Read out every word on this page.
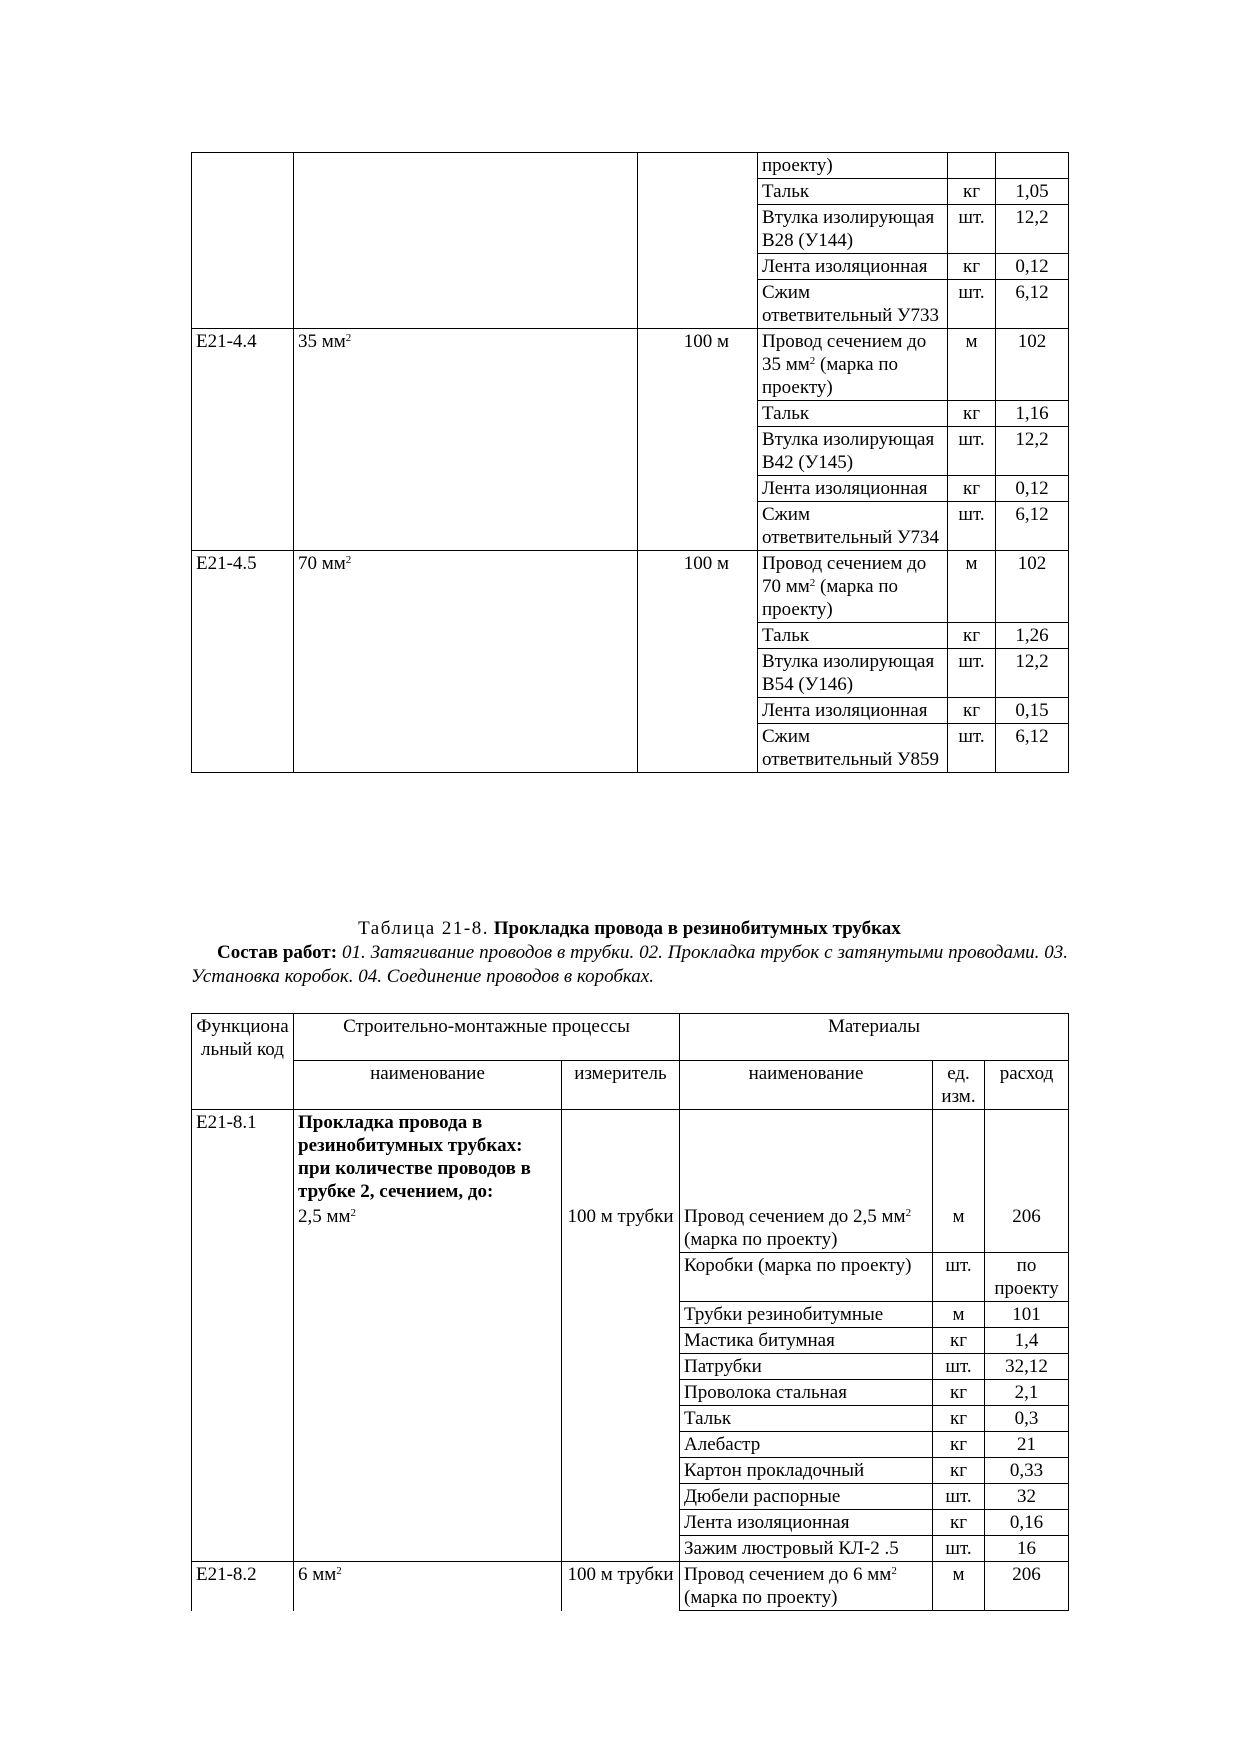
			проекту)		
			Тальк	кг	1,05
			Втулка изолирующая В28 (У144)	шт.	12,2
			Лента изоляционная	кг	0,12
			Сжим ответвительный У733	шт.	6,12
Е21-4.4	35 $мм^2$	100 м	Провод сечением до 35 $мм^2$ (марка по проекту)	м	102
			Тальк	кг	1,16
			Втулка изолирующая В42 (У145)	шт.	12,2
			Лента изоляционная	кг	0,12
			Сжим ответвительный У734	шт.	6,12
Е21-4.5	70 $мм^2$	100 м	Провод сечением до 70 $мм^2$ (марка по проекту)	м	102
			Тальк	кг	1,26
			Втулка изолирующая В54 (У146)	шт.	12,2
			Лента изоляционная	кг	0,15
			Сжим ответвительный У859	шт.	6,12
Таблица 21-8. Прокладка провода в резинобитумных трубках
Состав работ: 01. Затягивание проводов в трубки. 02. Прокладка трубок с затянутыми проводами. 03. Установка коробок. 04. Соединение проводов в коробках.
Функциональный код	Строительно-монтажные процессы		Материалы		
	наименование	измеритель	наименование	ед. изм.	расход
Е21-8.1	Прокладка провода в резинобитумных трубках: при количестве проводов в трубке 2, сечением, до:				
	2,5 $мм^2$	100 м трубки	Провод сечением до 2,5 $мм^2$ (марка по проекту)	м	206
			Коробки (марка по проекту)	шт.	по проекту
			Трубки резинобитумные	м	101
			Мастика битумная	кг	1,4
			Патрубки	шт.	32,12
			Проволока стальная	кг	2,1
			Тальк	кг	0,3
			Алебастр	кг	21
			Картон прокладочный	кг	0,33
			Дюбели распорные	шт.	32
			Лента изоляционная	кг	0,16
			Зажим люстровый КЛ-2 .5	шт.	16
Е21-8.2	6 $мм^2$	100 м трубки	Провод сечением до 6 $мм^2$ (марка по проекту)	м	206
